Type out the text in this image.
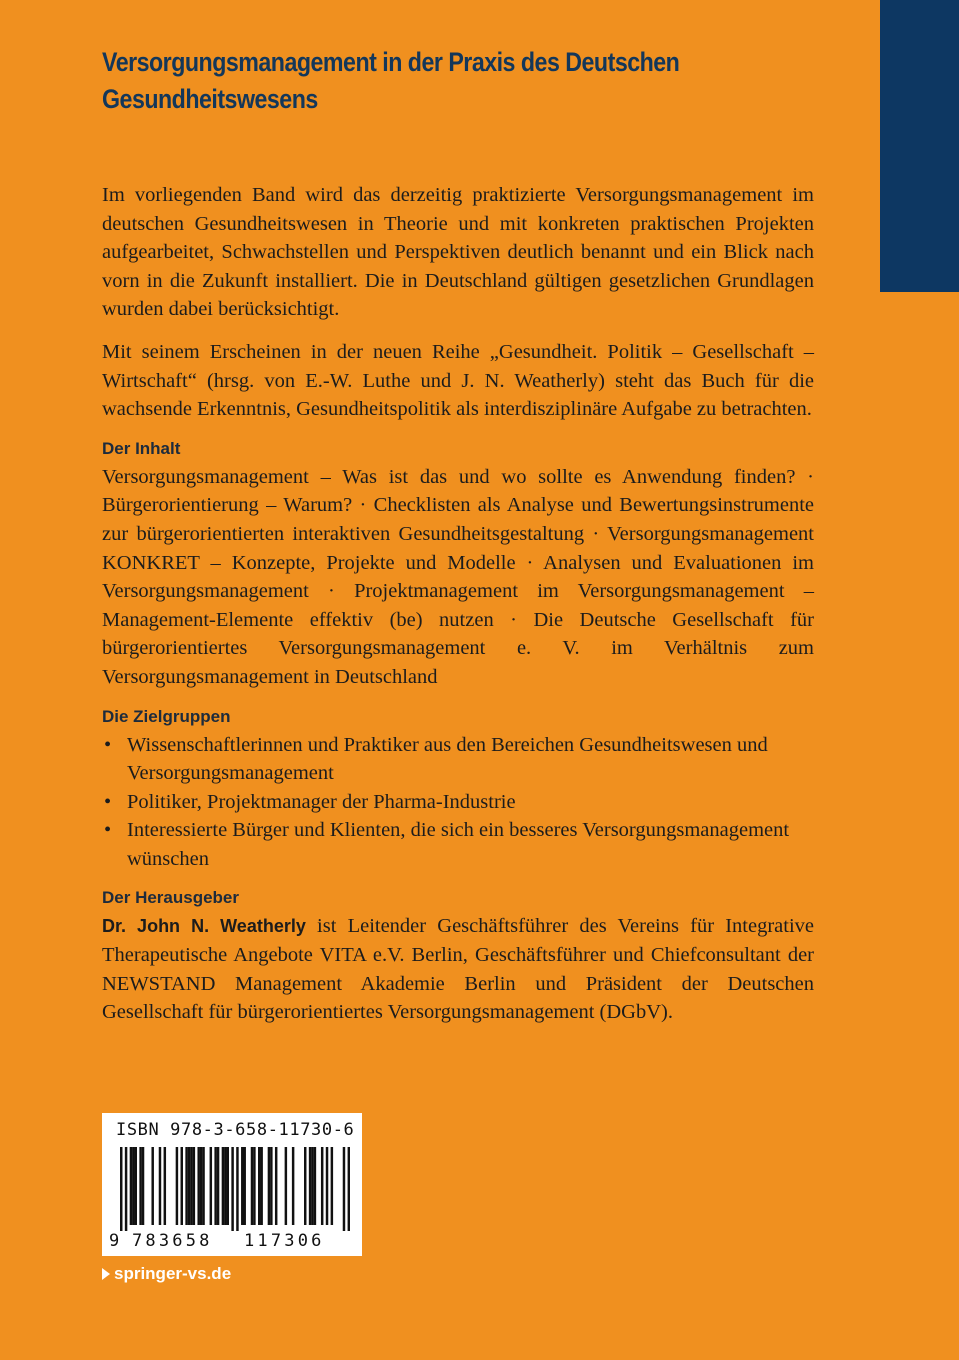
Versorgungsmanagement in der Praxis des Deutschen Gesundheitswesens

Im vorliegenden Band wird das derzeitig praktizierte Versorgungsmanagement im deutschen Gesundheitswesen in Theorie und mit konkreten praktischen Projekten aufgearbeitet, Schwachstellen und Perspektiven deutlich benannt und ein Blick nach vorn in die Zukunft installiert. Die in Deutschland gültigen gesetzlichen Grundlagen wurden dabei berücksichtigt.

Mit seinem Erscheinen in der neuen Reihe „Gesundheit. Politik – Gesellschaft – Wirtschaft“ (hrsg. von E.-W. Luthe und J. N. Weatherly) steht das Buch für die wachsende Erkenntnis, Gesundheitspolitik als interdisziplinäre Aufgabe zu betrachten.

Der Inhalt

Versorgungsmanagement – Was ist das und wo sollte es Anwendung finden? · Bürgerorientierung – Warum? · Checklisten als Analyse und Bewertungsinstrumente zur bürgerorientierten interaktiven Gesundheitsgestaltung · Versorgungsmanagement KONKRET – Konzepte, Projekte und Modelle · Analysen und Evaluationen im Versorgungsmanagement · Projektmanagement im Versorgungsmanagement – Management-Elemente effektiv (be) nutzen · Die Deutsche Gesellschaft für bürgerorientiertes Versorgungsmanagement e. V. im Verhältnis zum Versorgungsmanagement in Deutschland

Die Zielgruppen
• Wissenschaftlerinnen und Praktiker aus den Bereichen Gesundheitswesen und Versorgungsmanagement
• Politiker, Projektmanager der Pharma-Industrie
• Interessierte Bürger und Klienten, die sich ein besseres Versorgungsmanagement wünschen
Der Herausgeber

Dr. John N. Weatherly ist Leitender Geschäftsführer des Vereins für Integrative Therapeutische Angebote VITA e.V. Berlin, Geschäftsführer und Chiefconsultant der NEWSTAND Management Akademie Berlin und Präsident der Deutschen Gesellschaft für bürgerorientiertes Versorgungsmanagement (DGbV).

ISBN 978-3-658-11730-6
9 783658 117306
springer-vs.de
